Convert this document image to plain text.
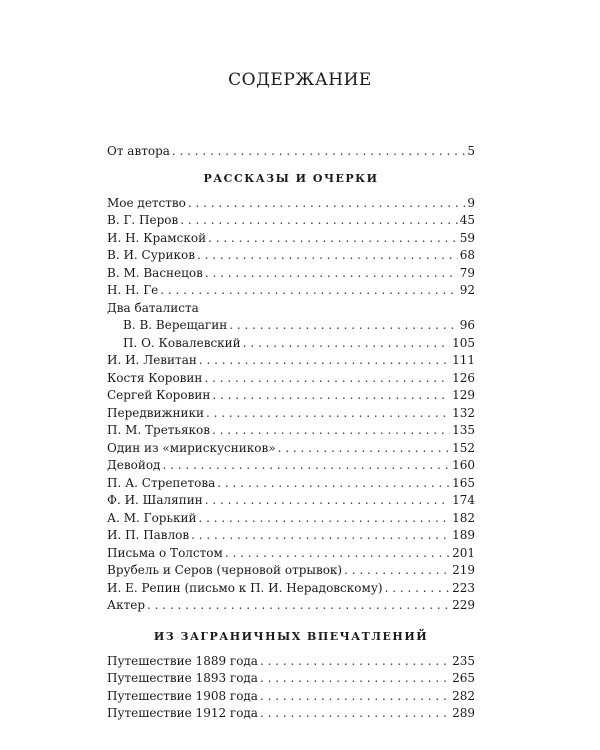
СОДЕРЖАНИЕ
От автора . . .	5
РАССКАЗЫ И ОЧЕРКИ
Мое детство . . .	9
В. Г. Перов . . .	45
И. Н. Крамской . . .	59
В. И. Суриков . . .	68
В. М. Васнецов . . .	79
Н. Н. Ге . . .	92
Два баталиста
В. В. Верещагин . . .	96
П. О. Ковалевский . . .	105
И. И. Левитан . . .	111
Костя Коровин . . .	126
Сергей Коровин . . .	129
Передвижники . . .	132
П. М. Третьяков . . .	135
Один из «мирискусников» . . .	152
Девойод . . .	160
П. А. Стрепетова . . .	165
Ф. И. Шаляпин . . .	174
А. М. Горький . . .	182
И. П. Павлов . . .	189
Письма о Толстом . . .	201
Врубель и Серов (черновой отрывок) . . .	219
И. Е. Репин (письмо к П. И. Нерадовскому) . . .	223
Актер . . .	229
ИЗ ЗАГРАНИЧНЫХ ВПЕЧАТЛЕНИЙ
Путешествие 1889 года . . .	235
Путешествие 1893 года . . .	265
Путешествие 1908 года . . .	282
Путешествие 1912 года . . .	289
